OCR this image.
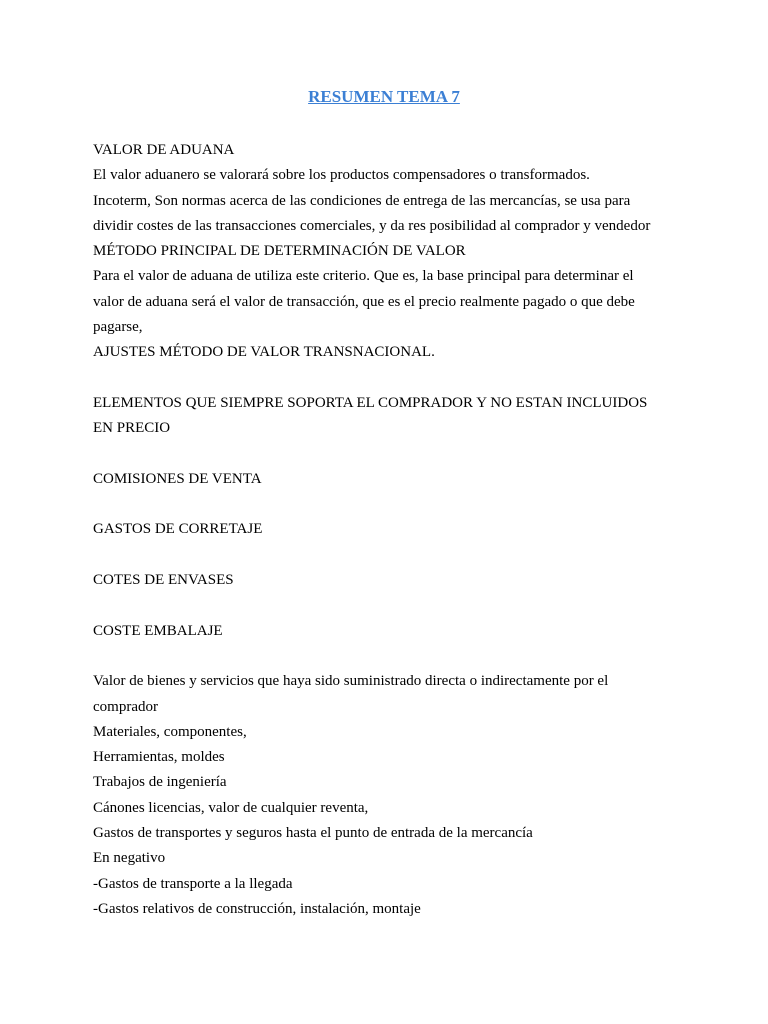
RESUMEN TEMA 7
VALOR DE ADUANA
El valor aduanero se valorará sobre los productos compensadores o transformados.
Incoterm, Son normas acerca de las condiciones de entrega de las mercancías, se usa para
dividir costes de las transacciones comerciales, y da res posibilidad al comprador y vendedor
MÉTODO PRINCIPAL DE DETERMINACIÓN DE VALOR
Para el valor de aduana de utiliza este criterio. Que es, la base principal para determinar el
valor de aduana será el valor de transacción, que es el precio realmente pagado o que debe
pagarse,
AJUSTES MÉTODO DE VALOR TRANSNACIONAL.
ELEMENTOS QUE SIEMPRE SOPORTA EL COMPRADOR Y NO ESTAN INCLUIDOS
EN PRECIO
COMISIONES DE VENTA
GASTOS DE CORRETAJE
COTES DE ENVASES
COSTE EMBALAJE
Valor de bienes y servicios que haya sido suministrado directa o indirectamente por el
comprador
Materiales, componentes,
Herramientas, moldes
Trabajos de ingeniería
Cánones licencias, valor de cualquier reventa,
Gastos de transportes y seguros hasta el punto de entrada de la mercancía
En negativo
-Gastos de transporte a la llegada
-Gastos relativos de construcción, instalación, montaje
